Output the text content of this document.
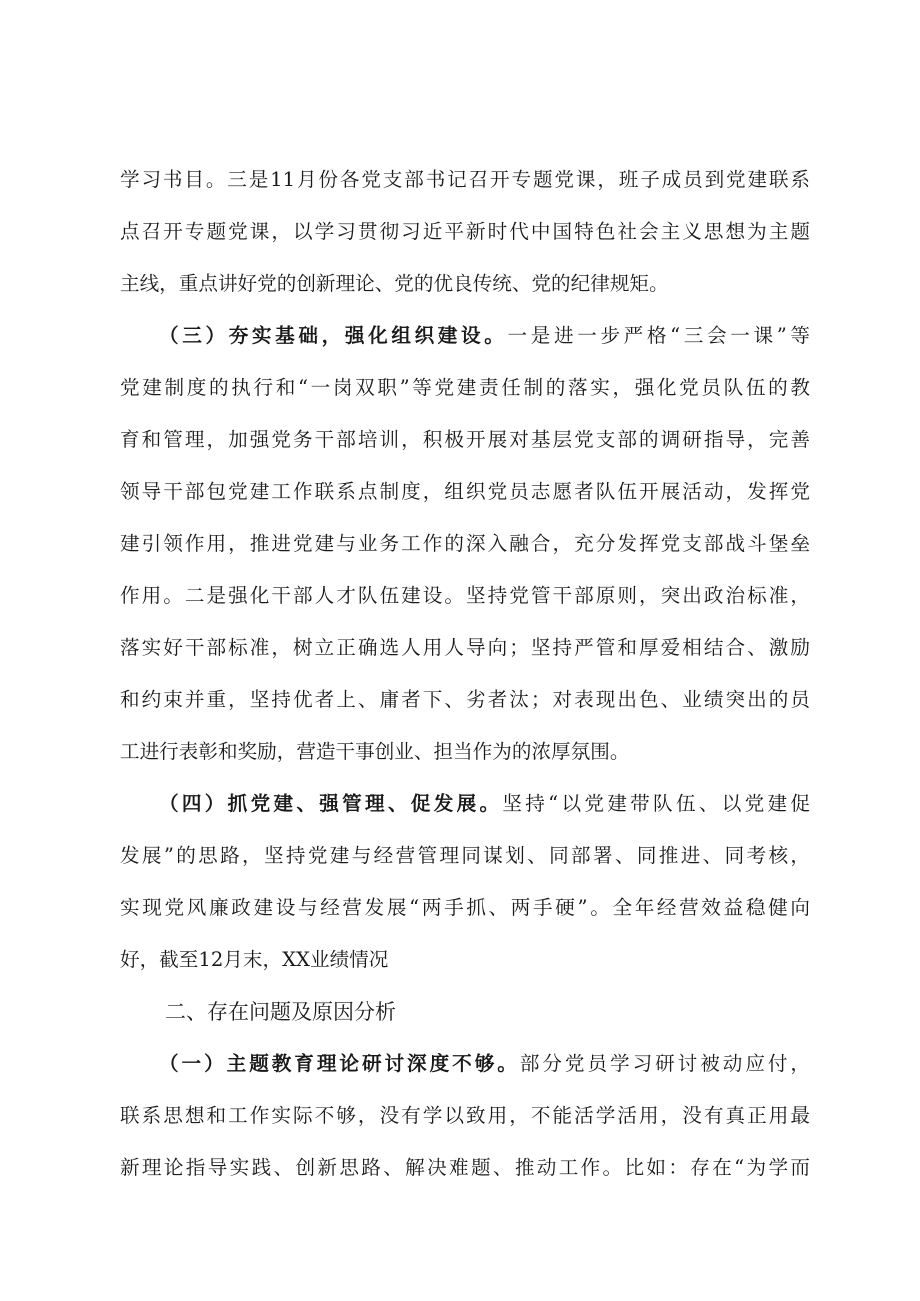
学习书目。三是11月份各党支部书记召开专题党课，班子成员到党建联系
点召开专题党课，以学习贯彻习近平新时代中国特色社会主义思想为主题
主线，重点讲好党的创新理论、党的优良传统、党的纪律规矩。
（三）夯实基础，强化组织建设。一是进一步严格“三会一课”等
党建制度的执行和“一岗双职”等党建责任制的落实，强化党员队伍的教
育和管理，加强党务干部培训，积极开展对基层党支部的调研指导，完善
领导干部包党建工作联系点制度，组织党员志愿者队伍开展活动，发挥党
建引领作用，推进党建与业务工作的深入融合，充分发挥党支部战斗堡垒
作用。二是强化干部人才队伍建设。坚持党管干部原则，突出政治标准，
落实好干部标准，树立正确选人用人导向；坚持严管和厚爱相结合、激励
和约束并重，坚持优者上、庸者下、劣者汰；对表现出色、业绩突出的员
工进行表彰和奖励，营造干事创业、担当作为的浓厚氛围。
（四）抓党建、强管理、促发展。坚持“以党建带队伍、以党建促
发展”的思路，坚持党建与经营管理同谋划、同部署、同推进、同考核，
实现党风廉政建设与经营发展“两手抓、两手硬”。全年经营效益稳健向
好，截至12月末，XX业绩情况
二、存在问题及原因分析
（一）主题教育理论研讨深度不够。部分党员学习研讨被动应付，
联系思想和工作实际不够，没有学以致用，不能活学活用，没有真正用最
新理论指导实践、创新思路、解决难题、推动工作。比如：存在“为学而
